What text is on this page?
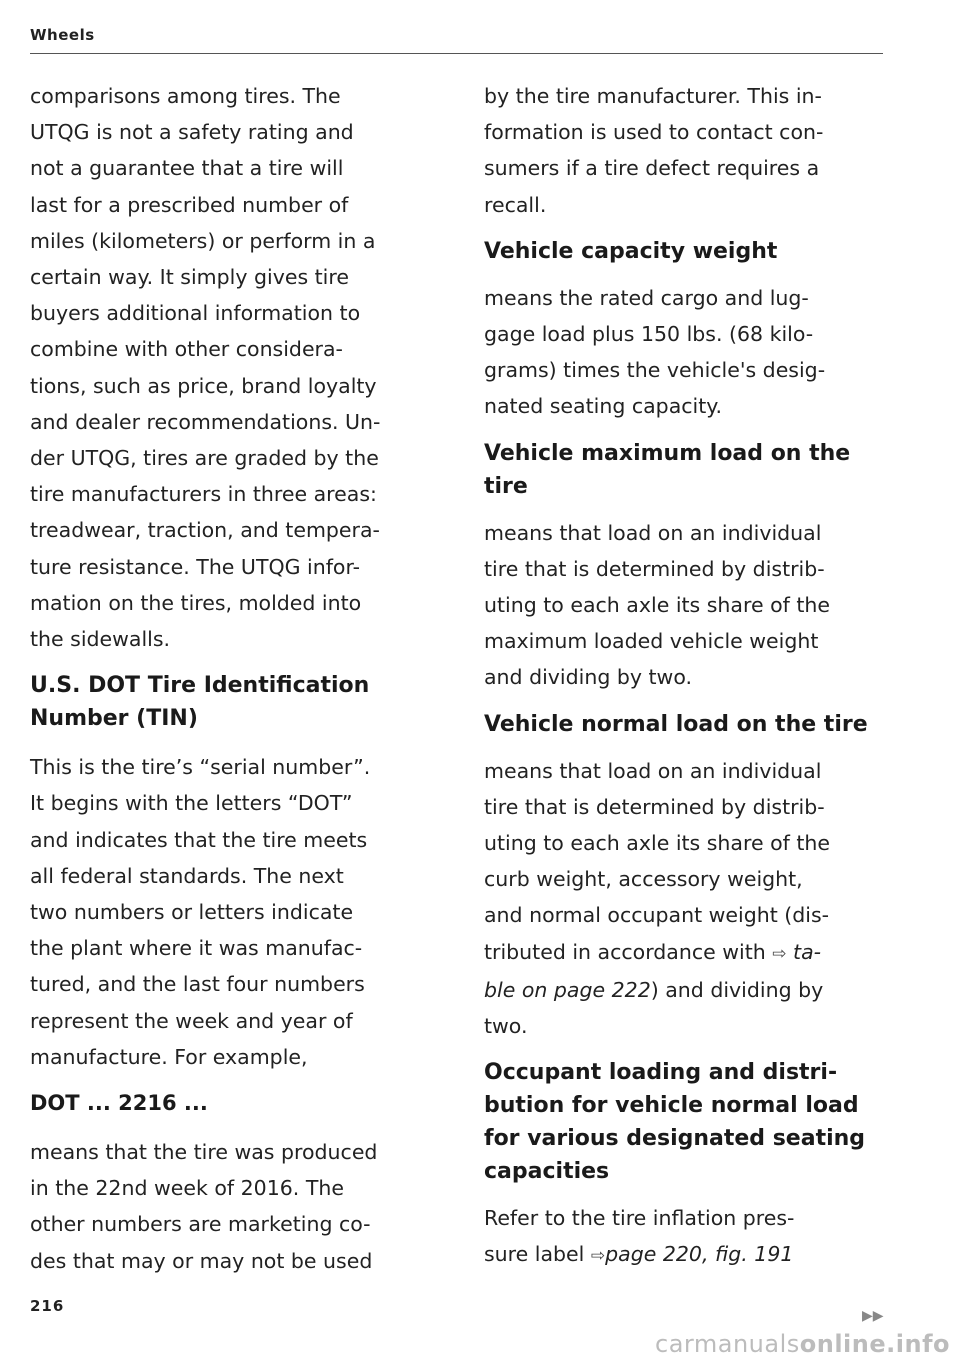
Wheels

comparisons among tires. The
UTQG is not a safety rating and
not a guarantee that a tire will
last for a prescribed number of
miles (kilometers) or perform in a
certain way. It simply gives tire
buyers additional information to
combine with other considera-
tions, such as price, brand loyalty
and dealer recommendations. Un-
der UTQG, tires are graded by the
tire manufacturers in three areas:
treadwear, traction, and tempera-
ture resistance. The UTQG infor-
mation on the tires, molded into
the sidewalls.

U.S. DOT Tire Identification
Number (TIN)

This is the tire’s “serial number”.
It begins with the letters “DOT”
and indicates that the tire meets
all federal standards. The next
two numbers or letters indicate
the plant where it was manufac-
tured, and the last four numbers
represent the week and year of
manufacture. For example,

DOT ... 2216 ...

means that the tire was produced
in the 22nd week of 2016. The
other numbers are marketing co-
des that may or may not be used

by the tire manufacturer. This in-
formation is used to contact con-
sumers if a tire defect requires a
recall.

Vehicle capacity weight

means the rated cargo and lug-
gage load plus 150 lbs. (68 kilo-
grams) times the vehicle's desig-
nated seating capacity.

Vehicle maximum load on the
tire

means that load on an individual
tire that is determined by distrib-
uting to each axle its share of the
maximum loaded vehicle weight
and dividing by two.

Vehicle normal load on the tire

means that load on an individual
tire that is determined by distrib-
uting to each axle its share of the
curb weight, accessory weight,
and normal occupant weight (dis-
tributed in accordance with ⇨ ta-
ble on page 222) and dividing by
two.

Occupant loading and distri-
bution for vehicle normal load
for various designated seating
capacities

Refer to the tire inflation pres-
sure label ⇨page 220, fig. 191

▶▶
216
carmanualsonline.info
